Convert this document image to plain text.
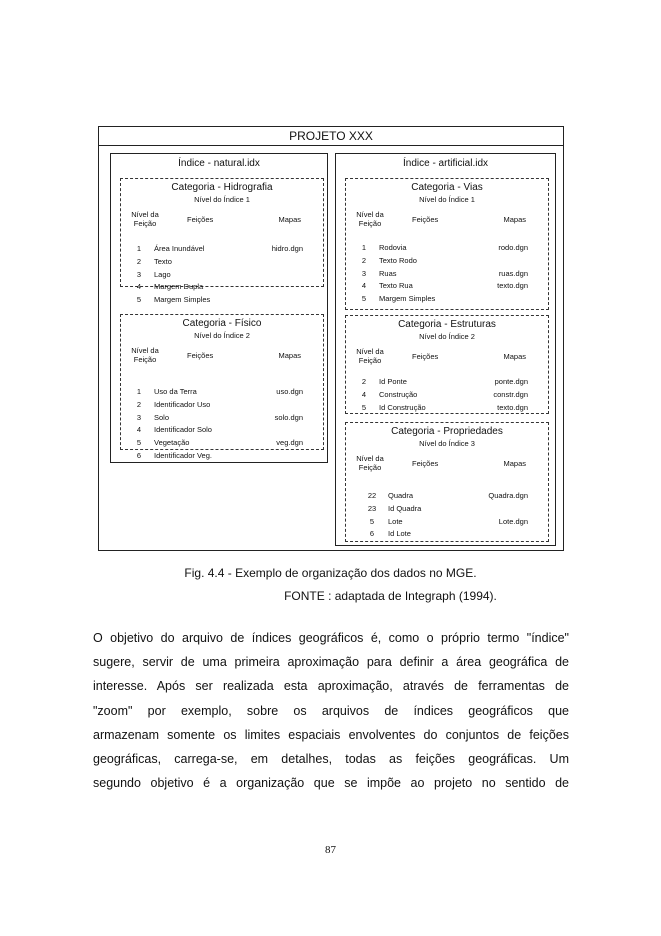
PROJETO XXX
Índice - natural.idx
Categoria - Hidrografia
Nível do Índice 1
Nível da Feição	Feições	Mapas
1 Área Inundável	hidro.dgn
2 Texto
3 Lago
4 Margem Dupla
5 Margem Simples
Categoria - Físico
Nível do Índice 2
Nível da Feição	Feições	Mapas
1 Uso da Terra	uso.dgn
2 Identificador Uso
3 Solo	solo.dgn
4 Identificador Solo
5 Vegetação	veg.dgn
6 Identificador Veg.
Índice - artificial.idx
Categoria - Vias
Nível do Índice 1
Nível da Feição	Feições	Mapas
1 Rodovia	rodo.dgn
2 Texto Rodo
3 Ruas	ruas.dgn
4 Texto Rua	texto.dgn
5 Margem Simples
Categoria - Estruturas
Nível do Índice 2
Nível da Feição	Feições	Mapas
2 Id Ponte	ponte.dgn
4 Construção	constr.dgn
5 Id Construção	texto.dgn
Categoria - Propriedades
Nível do Índice 3
Nível da Feição	Feições	Mapas
22 Quadra	Quadra.dgn
23 Id Quadra
5	Lote	Lote.dgn
6	Id Lote
Fig. 4.4 - Exemplo de organização dos dados no MGE.
FONTE : adaptada de Integraph (1994).
O objetivo do arquivo de índices geográficos é, como o próprio termo "índice"
sugere, servir de uma primeira aproximação para definir a área geográfica de
interesse. Após ser realizada esta aproximação, através de ferramentas de
"zoom" por exemplo, sobre os arquivos de índices geográficos que
armazenam somente os limites espaciais envolventes do conjuntos de feições
geográficas, carrega-se, em detalhes, todas as feições geográficas. Um
segundo objetivo é a organização que se impõe ao projeto no sentido de
87
